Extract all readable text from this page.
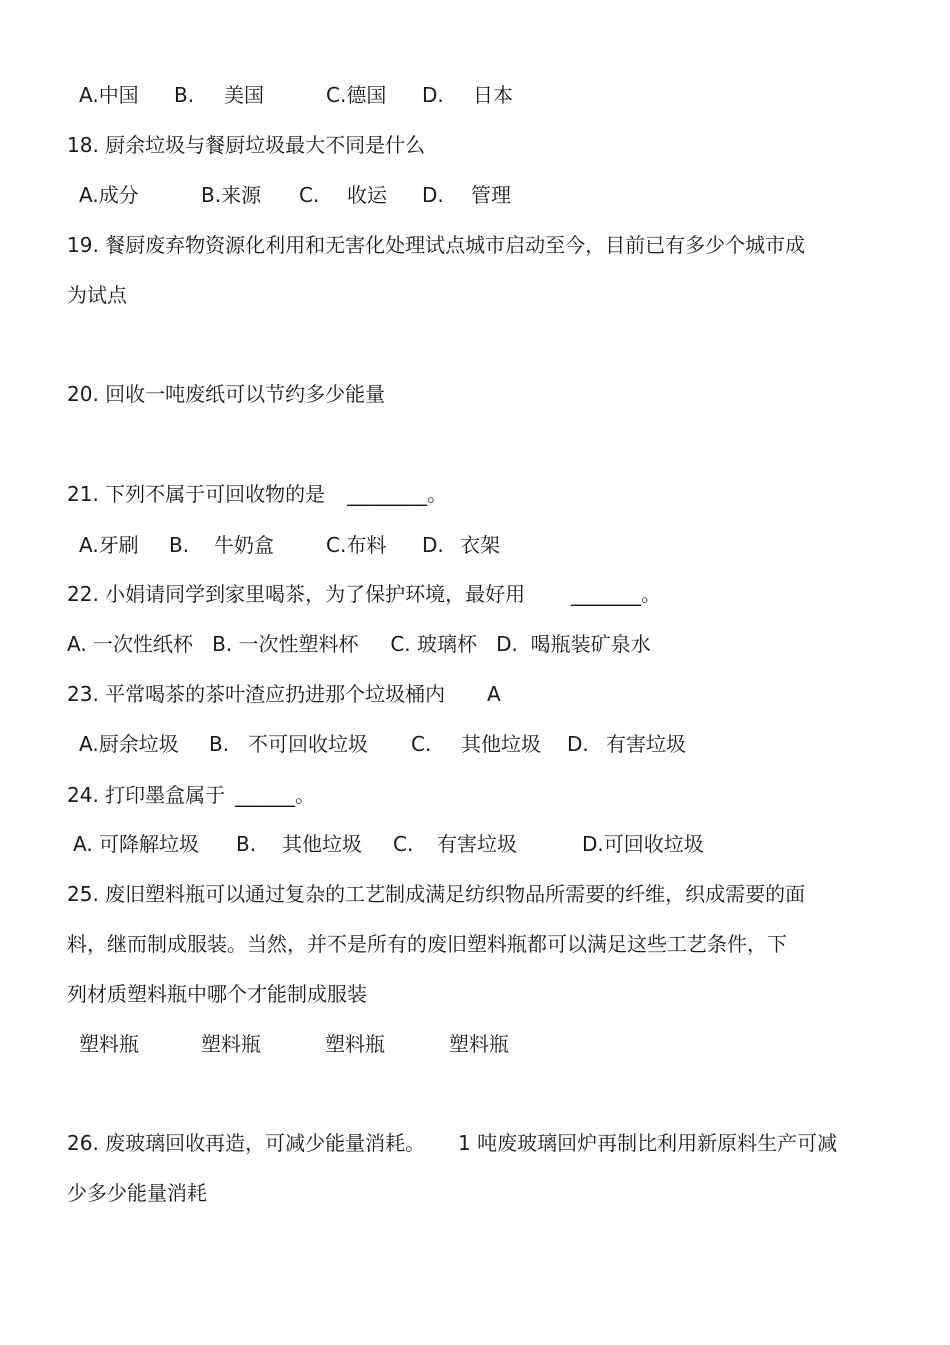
A.中国 B. 美国	C.德国 D. 日本
18. 厨余垃圾与餐厨垃圾最大不同是什么
A.成分	B.来源 C. 收运 D. 管理
19. 餐厨废弃物资源化利用和无害化处理试点城市启动至今，目前已有多少个城市成
为试点
20. 回收一吨废纸可以节约多少能量
21. 下列不属于可回收物的是 ________。
A.牙刷 B. 牛奶盒	C.布料 D. 衣架
22. 小娟请同学到家里喝茶，为了保护环境，最好用 _______。
A. 一次性纸杯   B. 一次性塑料杯     C. 玻璃杯   D.  喝瓶装矿泉水
23. 平常喝茶的茶叶渣应扔进那个垃圾桶内 A
A.厨余垃圾 B. 不可回收垃圾 C. 其他垃圾 D. 有害垃圾
24. 打印墨盒属于 ______。
A. 可降解垃圾 B. 其他垃圾 C. 有害垃圾	D.可回收垃圾
25. 废旧塑料瓶可以通过复杂的工艺制成满足纺织物品所需要的纤维，织成需要的面
料，继而制成服装。当然，并不是所有的废旧塑料瓶都可以满足这些工艺条件，下
列材质塑料瓶中哪个才能制成服装
塑料瓶	塑料瓶	塑料瓶	塑料瓶
26. 废玻璃回收再造，可减少能量消耗。 1 吨废玻璃回炉再制比利用新原料生产可减
少多少能量消耗
